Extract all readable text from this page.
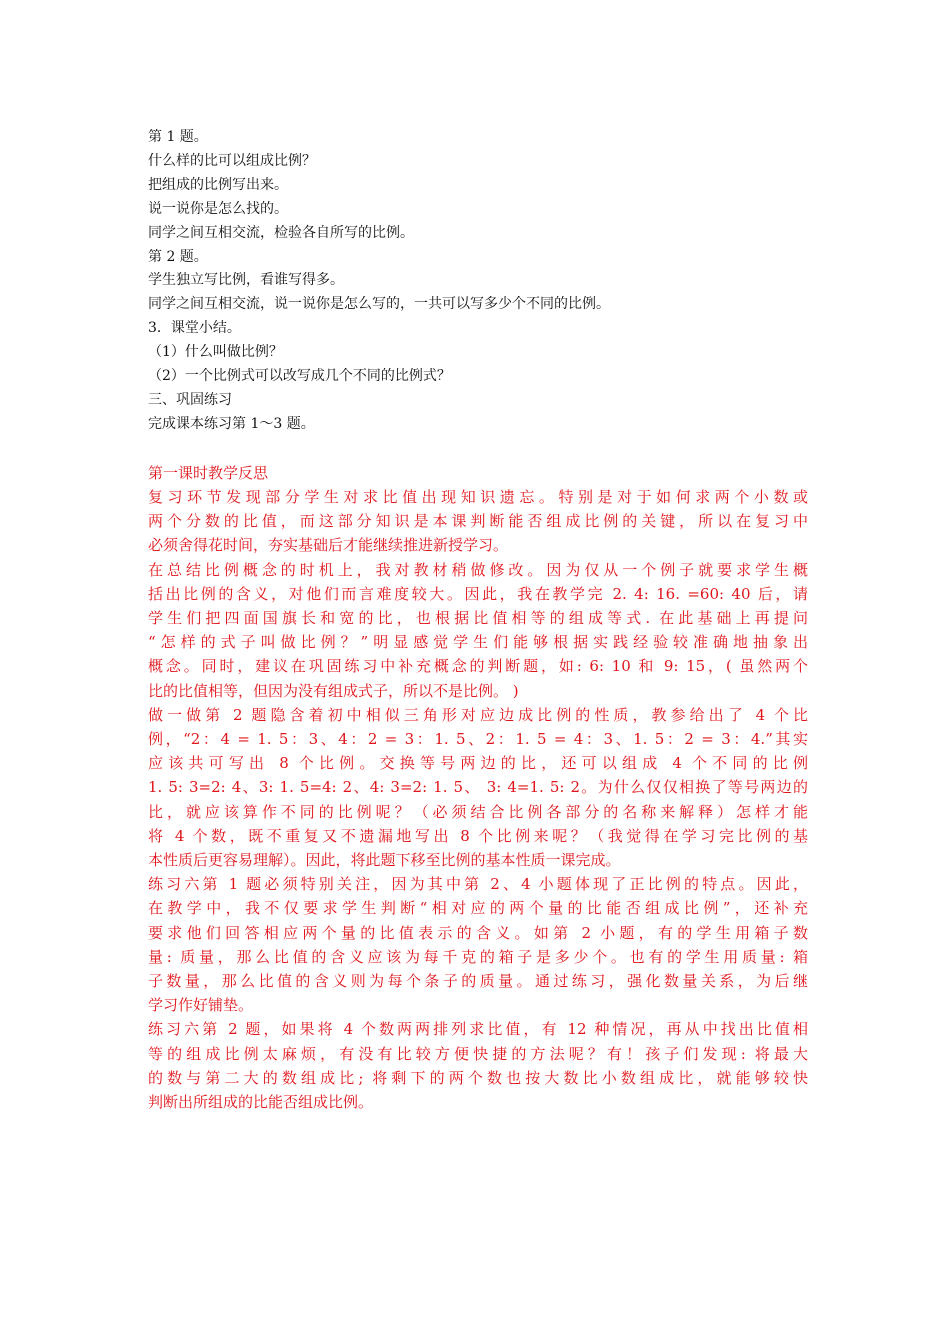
第 1 题。

什么样的比可以组成比例？

把组成的比例写出来。

说一说你是怎么找的。

同学之间互相交流，检验各自所写的比例。

第 2 题。

学生独立写比例，看谁写得多。

同学之间互相交流，说一说你是怎么写的，一共可以写多少个不同的比例。

3．课堂小结。

（1）什么叫做比例？

（2）一个比例式可以改写成几个不同的比例式？

三、巩固练习

完成课本练习第 1～3 题。

第一课时教学反思

复习环节发现部分学生对求比值出现知识遗忘。特别是对于如何求两个小数或
两个分数的比值，而这部分知识是本课判断能否组成比例的关键，所以在复习中
必须舍得花时间，夯实基础后才能继续推进新授学习。

在总结比例概念的时机上，我对教材稍做修改。因为仅从一个例子就要求学生概
括出比例的含义，对他们而言难度较大。因此，我在教学完 2. 4: 16. =60: 40 后，请
学生们把四面国旗长和宽的比，也根据比值相等的组成等式. 在此基础上再提问
“怎样的式子叫做比例？”明显感觉学生们能够根据实践经验较准确地抽象出
概念。同时，建议在巩固练习中补充概念的判断题，如: 6: 10 和 9: 15，( 虽然两个
比的比值相等，但因为没有组成式子，所以不是比例。 )

做一做第 2 题隐含着初中相似三角形对应边成比例的性质，教参给出了 4 个比
例，“2：4 = 1. 5：3、4：2 = 3：1. 5、2：1. 5 = 4：3、1. 5：2 = 3：4.”其实
应该共可写出 8 个比例。交换等号两边的比，还可以组成 4 个不同的比例
1. 5: 3=2: 4、3: 1. 5=4: 2、4: 3=2: 1. 5、 3: 4=1. 5: 2。为什么仅仅相换了等号两边的
比，就应该算作不同的比例呢？（必须结合比例各部分的名称来解释）怎样才能
将 4 个数，既不重复又不遗漏地写出 8 个比例来呢？（我觉得在学习完比例的基
本性质后更容易理解）。因此，将此题下移至比例的基本性质一课完成。

练习六第 1 题必须特别关注，因为其中第 2、4 小题体现了正比例的特点。因此，
在教学中，我不仅要求学生判断“相对应的两个量的比能否组成比例”，还补充
要求他们回答相应两个量的比值表示的含义。如第 2 小题，有的学生用箱子数
量: 质量，那么比值的含义应该为每千克的箱子是多少个。也有的学生用质量: 箱
子数量，那么比值的含义则为每个条子的质量。通过练习，强化数量关系，为后继
学习作好铺垫。

练习六第 2 题，如果将 4 个数两两排列求比值，有 12 种情况，再从中找出比值相
等的组成比例太麻烦，有没有比较方便快捷的方法呢？有！孩子们发现: 将最大
的数与第二大的数组成比; 将剩下的两个数也按大数比小数组成比，就能够较快
判断出所组成的比能否组成比例。
